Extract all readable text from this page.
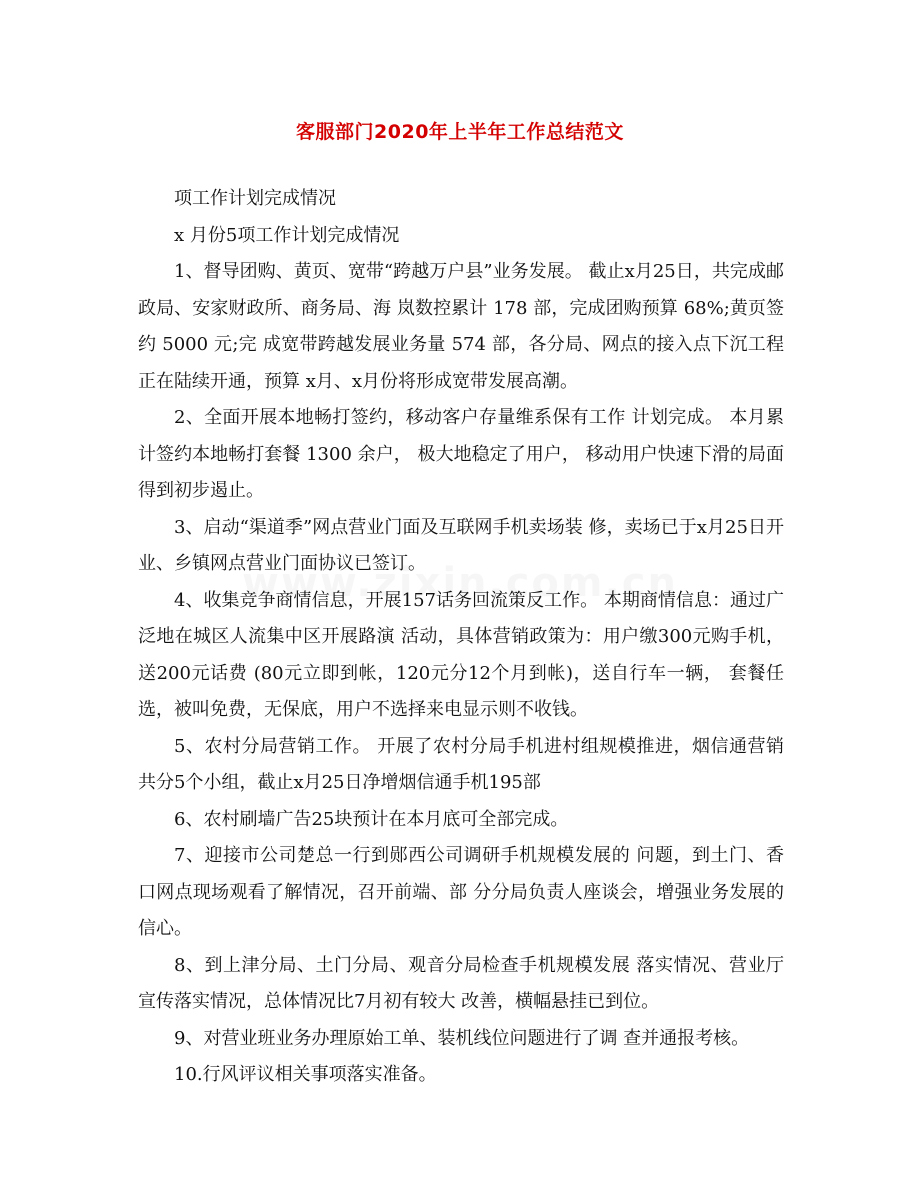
客服部门2020年上半年工作总结范文

项工作计划完成情况

x 月份5项工作计划完成情况

1、督导团购、黄页、宽带“跨越万户县”业务发展。 截止x月25日，共完成邮政局、安家财政所、商务局、海 岚数控累计 178 部，完成团购预算 68%;黄页签约 5000 元;完 成宽带跨越发展业务量 574 部，各分局、网点的接入点下沉工程 正在陆续开通，预算 x月、x月份将形成宽带发展高潮。

2、全面开展本地畅打签约，移动客户存量维系保有工作 计划完成。 本月累计签约本地畅打套餐 1300 余户， 极大地稳定了用户， 移动用户快速下滑的局面得到初步遏止。

3、启动“渠道季”网点营业门面及互联网手机卖场装 修，卖场已于x月25日开业、乡镇网点营业门面协议已签订。

4、收集竞争商情信息，开展157话务回流策反工作。 本期商情信息：通过广泛地在城区人流集中区开展路演 活动，具体营销政策为：用户缴300元购手机，送200元话费 (80元立即到帐，120元分12个月到帐)，送自行车一辆， 套餐任选，被叫免费，无保底，用户不选择来电显示则不收钱。

5、农村分局营销工作。 开展了农村分局手机进村组规模推进，烟信通营销共分5个小组，截止x月25日净增烟信通手机195部

6、农村刷墙广告25块预计在本月底可全部完成。

7、迎接市公司楚总一行到郧西公司调研手机规模发展的 问题，到土门、香口网点现场观看了解情况，召开前端、部 分分局负责人座谈会，增强业务发展的信心。

8、到上津分局、土门分局、观音分局检查手机规模发展 落实情况、营业厅宣传落实情况，总体情况比7月初有较大 改善，横幅悬挂已到位。

9、对营业班业务办理原始工单、装机线位问题进行了调 查并通报考核。

10.行风评议相关事项落实准备。
